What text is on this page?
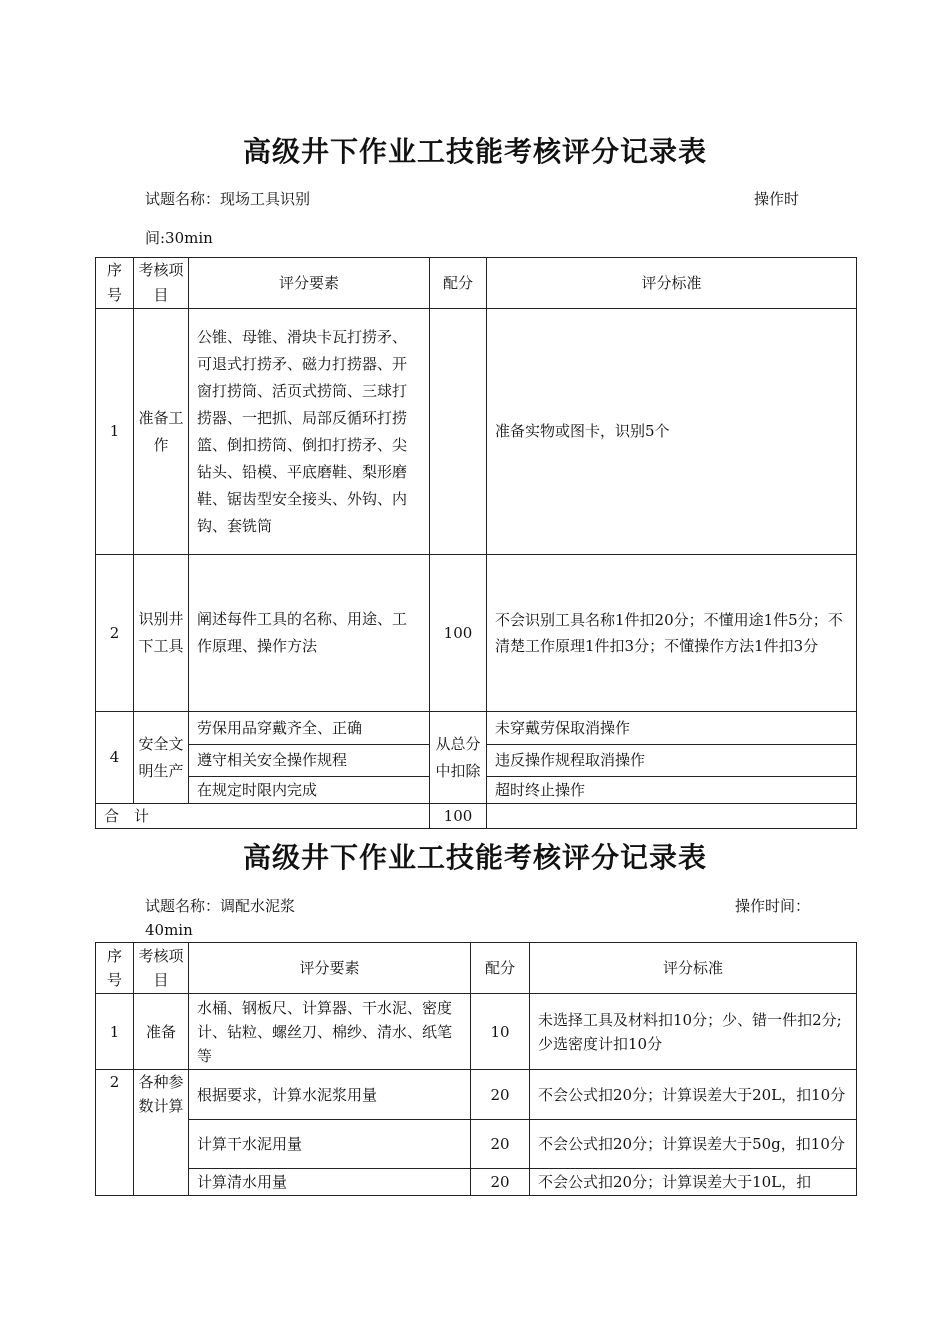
高级井下作业工技能考核评分记录表
试题名称：现场工具识别	操作时
间:30min
序号	考核项目	评分要素	配分	评分标准
1	准备工作	公锥、母锥、滑块卡瓦打捞矛、可退式打捞矛、磁力打捞器、开窗打捞筒、活页式捞筒、三球打捞器、一把抓、局部反循环打捞篮、倒扣捞筒、倒扣打捞矛、尖钻头、铅模、平底磨鞋、梨形磨鞋、锯齿型安全接头、外钩、内钩、套铣筒		准备实物或图卡，识别5个
2	识别井下工具	阐述每件工具的名称、用途、工作原理、操作方法	100	不会识别工具名称1件扣20分；不懂用途1件5分；不清楚工作原理1件扣3分；不懂操作方法1件扣3分
4	安全文明生产	劳保用品穿戴齐全、正确	从总分中扣除	未穿戴劳保取消操作
		遵守相关安全操作规程		违反操作规程取消操作
		在规定时限内完成		超时终止操作
合　计			100	
高级井下作业工技能考核评分记录表
试题名称：调配水泥浆	操作时间：
40min
序号	考核项目	评分要素	配分	评分标准
1	准备	水桶、钢板尺、计算器、干水泥、密度计、钻粒、螺丝刀、棉纱、清水、纸笔等	10	未选择工具及材料扣10分；少、错一件扣2分;少选密度计扣10分
2	各种参数计算	根据要求，计算水泥浆用量	20	不会公式扣20分；计算误差大于20L，扣10分
		计算干水泥用量	20	不会公式扣20分；计算误差大于50g，扣10分
		计算清水用量	20	不会公式扣20分；计算误差大于10L，扣
